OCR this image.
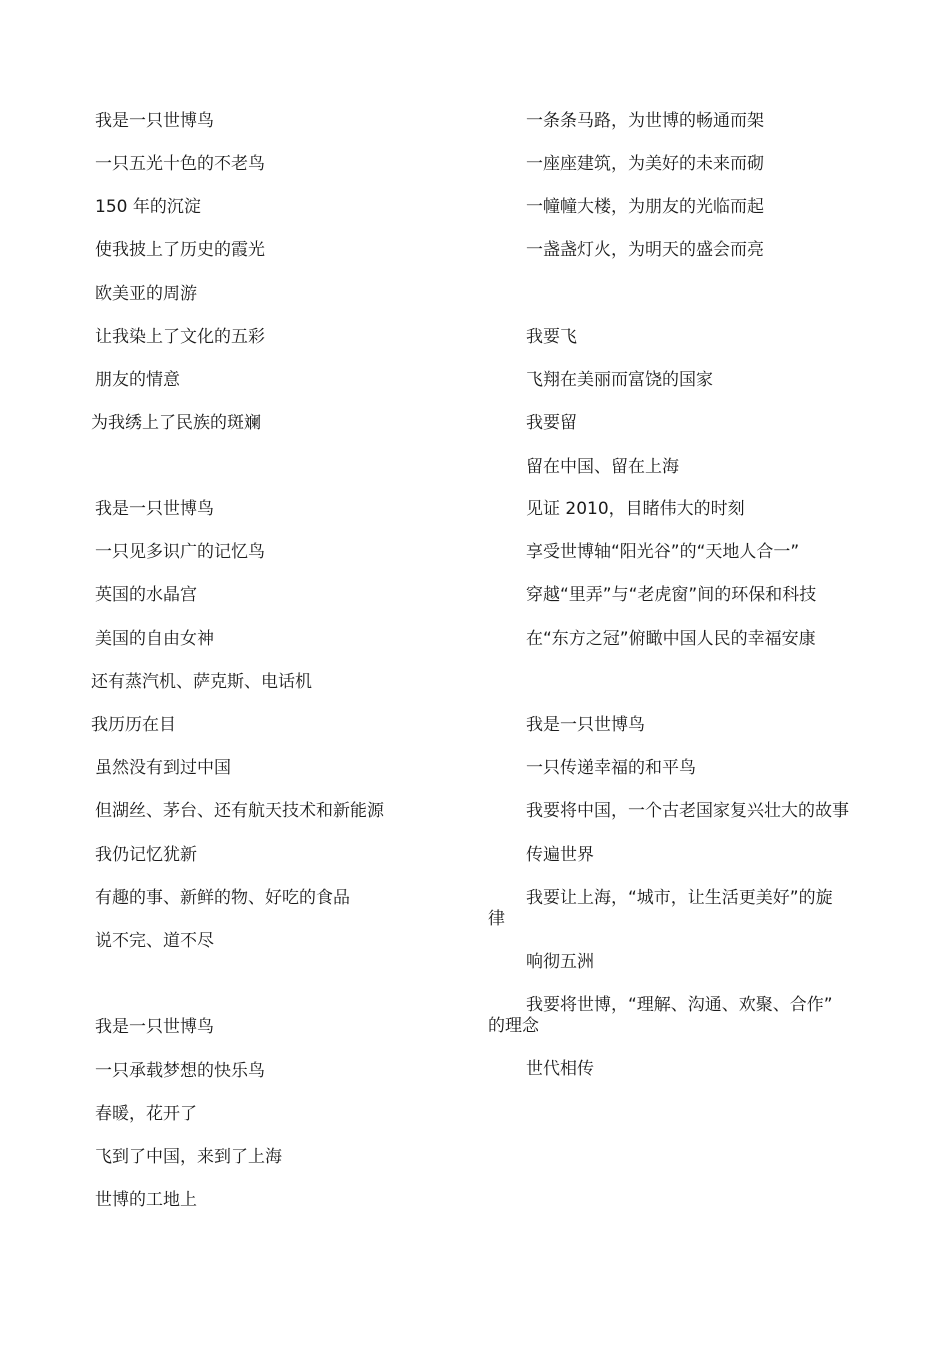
我是一只世博鸟
一只五光十色的不老鸟
150 年的沉淀
使我披上了历史的霞光
欧美亚的周游
让我染上了文化的五彩
朋友的情意
为我绣上了民族的斑斓
我是一只世博鸟
一只见多识广的记忆鸟
英国的水晶宫
美国的自由女神
还有蒸汽机、萨克斯、电话机
我历历在目
虽然没有到过中国
但湖丝、茅台、还有航天技术和新能源
我仍记忆犹新
有趣的事、新鲜的物、好吃的食品
说不完、道不尽
我是一只世博鸟
一只承载梦想的快乐鸟
春暖，花开了
飞到了中国，来到了上海
世博的工地上
一条条马路，为世博的畅通而架
一座座建筑，为美好的未来而砌
一幢幢大楼，为朋友的光临而起
一盏盏灯火，为明天的盛会而亮
我要飞
飞翔在美丽而富饶的国家
我要留
留在中国、留在上海
见证 2010，目睹伟大的时刻
享受世博轴“阳光谷”的“天地人合一”
穿越“里弄”与“老虎窗”间的环保和科技
在“东方之冠”俯瞰中国人民的幸福安康
我是一只世博鸟
一只传递幸福的和平鸟
我要将中国，一个古老国家复兴壮大的故事
传遍世界
我要让上海，“城市，让生活更美好”的旋
律
响彻五洲
我要将世博，“理解、沟通、欢聚、合作”
的理念
世代相传
